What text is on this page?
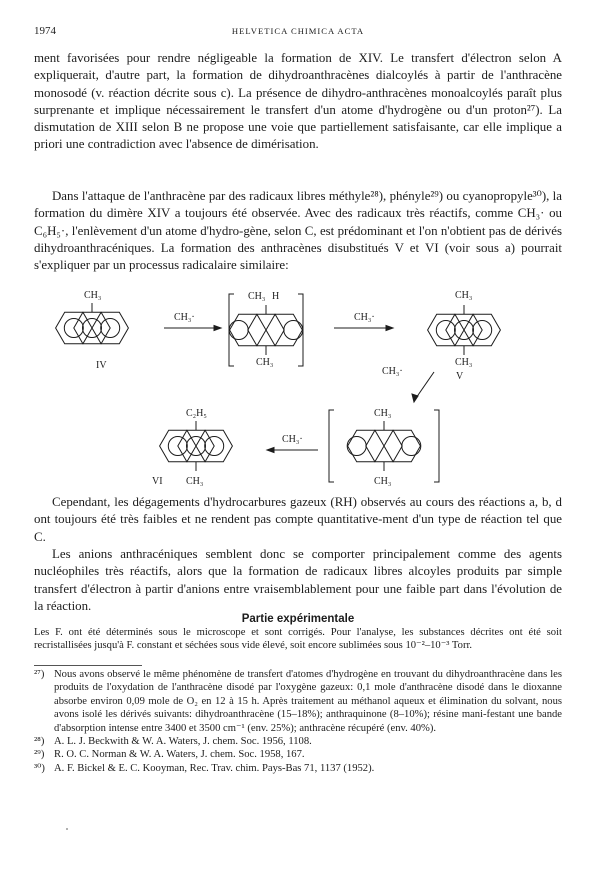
1974	HELVETICA CHIMICA ACTA
ment favorisées pour rendre négligeable la formation de XIV. Le transfert d'électron selon A expliquerait, d'autre part, la formation de dihydroanthracènes dialcoylés à partir de l'anthracène monosodé (v. réaction décrite sous c). La présence de dihydro-anthracènes monoalcoylés paraît plus surprenante et implique nécessairement le transfert d'un atome d'hydrogène ou d'un proton²⁷). La dismutation de XIII selon B ne propose une voie que partiellement satisfaisante, car elle implique a priori une contradiction avec l'absence de dimérisation.
Dans l'attaque de l'anthracène par des radicaux libres méthyle²⁸), phényle²⁹) ou cyanopropyle³⁰), la formation du dimère XIV a toujours été observée. Avec des radicaux très réactifs, comme CH₃· ou C₆H₅·, l'enlèvement d'un atome d'hydro-gène, selon C, est prédominant et l'on n'obtient pas de dérivés dihydroanthracéniques. La formation des anthracènes disubstitués V et VI (voir sous a) pourrait s'expliquer par un processus radicalaire similaire:
CH₃
IV
CH₃·
CH₃ H
CH₃
CH₃·
CH₃
CH₃
V
CH₃·
C₂H₅
CH₃
VI
CH₃·
CH₃
CH₃
Cependant, les dégagements d'hydrocarbures gazeux (RH) observés au cours des réactions a, b, d ont toujours été très faibles et ne rendent pas compte quantitative-ment d'un type de réaction tel que C.
Les anions anthracéniques semblent donc se comporter principalement comme des agents nucléophiles très réactifs, alors que la formation de radicaux libres alcoyles produits par simple transfert d'électron à partir d'anions entre vraisemblablement pour une faible part dans l'évolution de la réaction.
Partie expérimentale
Les F. ont été déterminés sous le microscope et sont corrigés. Pour l'analyse, les substances décrites ont été soit recristallisées jusqu'à F. constant et séchées sous vide élevé, soit encore sublimées sous 10⁻²–10⁻³ Torr.
²⁷) Nous avons observé le même phénomène de transfert d'atomes d'hydrogène en trouvant du dihydroanthracène dans les produits de l'oxydation de l'anthracène disodé par l'oxygène gazeux: 0,1 mole d'anthracène disodé dans le dioxanne absorbe environ 0,09 mole de O₂ en 12 à 15 h. Après traitement au méthanol aqueux et élimination du solvant, nous avons isolé les dérivés suivants: dihydroanthracène (15–18%); anthraquinone (8–10%); résine mani-festant une bande d'absorption intense entre 3400 et 3500 cm⁻¹ (env. 25%); anthracène récupéré (env. 40%).
²⁸) A. L. J. Beckwith & W. A. Waters, J. chem. Soc. 1956, 1108.
²⁹) R. O. C. Norman & W. A. Waters, J. chem. Soc. 1958, 167.
³⁰) A. F. Bickel & E. C. Kooyman, Rec. Trav. chim. Pays-Bas 71, 1137 (1952).
